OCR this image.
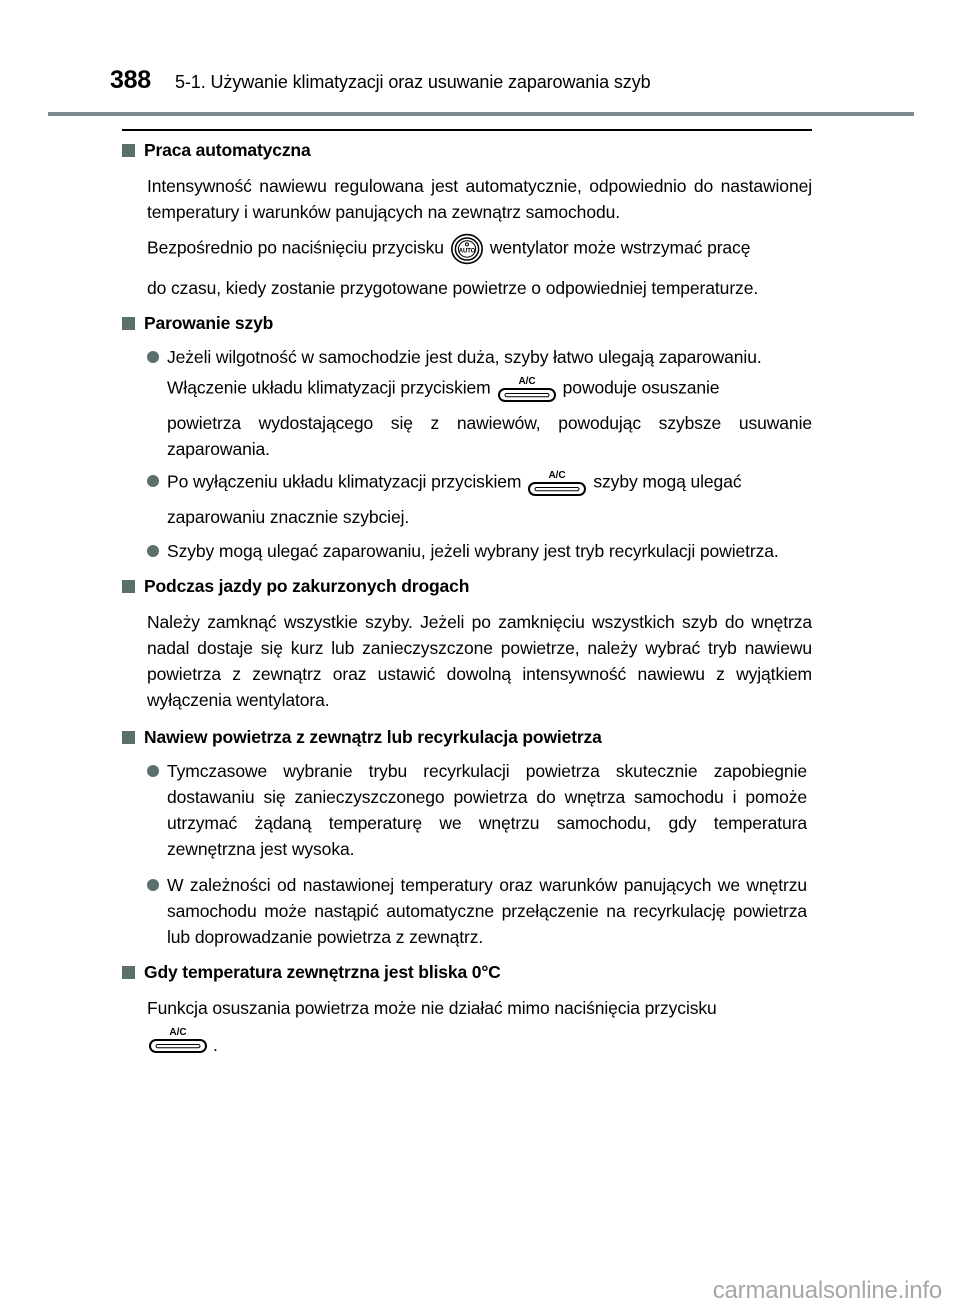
388 5-1. Używanie klimatyzacji oraz usuwanie zaparowania szyb
Praca automatyczna
Intensywność nawiewu regulowana jest automatycznie, odpowiednio do nastawionej temperatury i warunków panujących na zewnątrz samochodu.
Bezpośrednio po naciśnięciu przycisku AUTO wentylator może wstrzymać pracę
do czasu, kiedy zostanie przygotowane powietrze o odpowiedniej temperaturze.
Parowanie szyb
Jeżeli wilgotność w samochodzie jest duża, szyby łatwo ulegają zaparowaniu.
Włączenie układu klimatyzacji przyciskiem	A/C powoduje osuszanie
powietrza wydostającego się z nawiewów, powodując szybsze usuwanie zaparowania.
Po wyłączeniu układu klimatyzacji przyciskiem	A/C szyby mogą ulegać
zaparowaniu znacznie szybciej.
Szyby mogą ulegać zaparowaniu, jeżeli wybrany jest tryb recyrkulacji powietrza.
Podczas jazdy po zakurzonych drogach
Należy zamknąć wszystkie szyby. Jeżeli po zamknięciu wszystkich szyb do wnętrza nadal dostaje się kurz lub zanieczyszczone powietrze, należy wybrać tryb nawiewu powietrza z zewnątrz oraz ustawić dowolną intensywność nawiewu z wyjątkiem wyłączenia wentylatora.
Nawiew powietrza z zewnątrz lub recyrkulacja powietrza
Tymczasowe wybranie trybu recyrkulacji powietrza skutecznie zapobiegnie dostawaniu się zanieczyszczonego powietrza do wnętrza samochodu i pomoże utrzymać żądaną temperaturę we wnętrzu samochodu, gdy temperatura zewnętrzna jest wysoka.
W zależności od nastawionej temperatury oraz warunków panujących we wnętrzu samochodu może nastąpić automatyczne przełączenie na recyrkulację powietrza lub doprowadzanie powietrza z zewnątrz.
Gdy temperatura zewnętrzna jest bliska 0°C
Funkcja osuszania powietrza może nie działać mimo naciśnięcia przycisku
A/C
.
carmanualsonline.info
